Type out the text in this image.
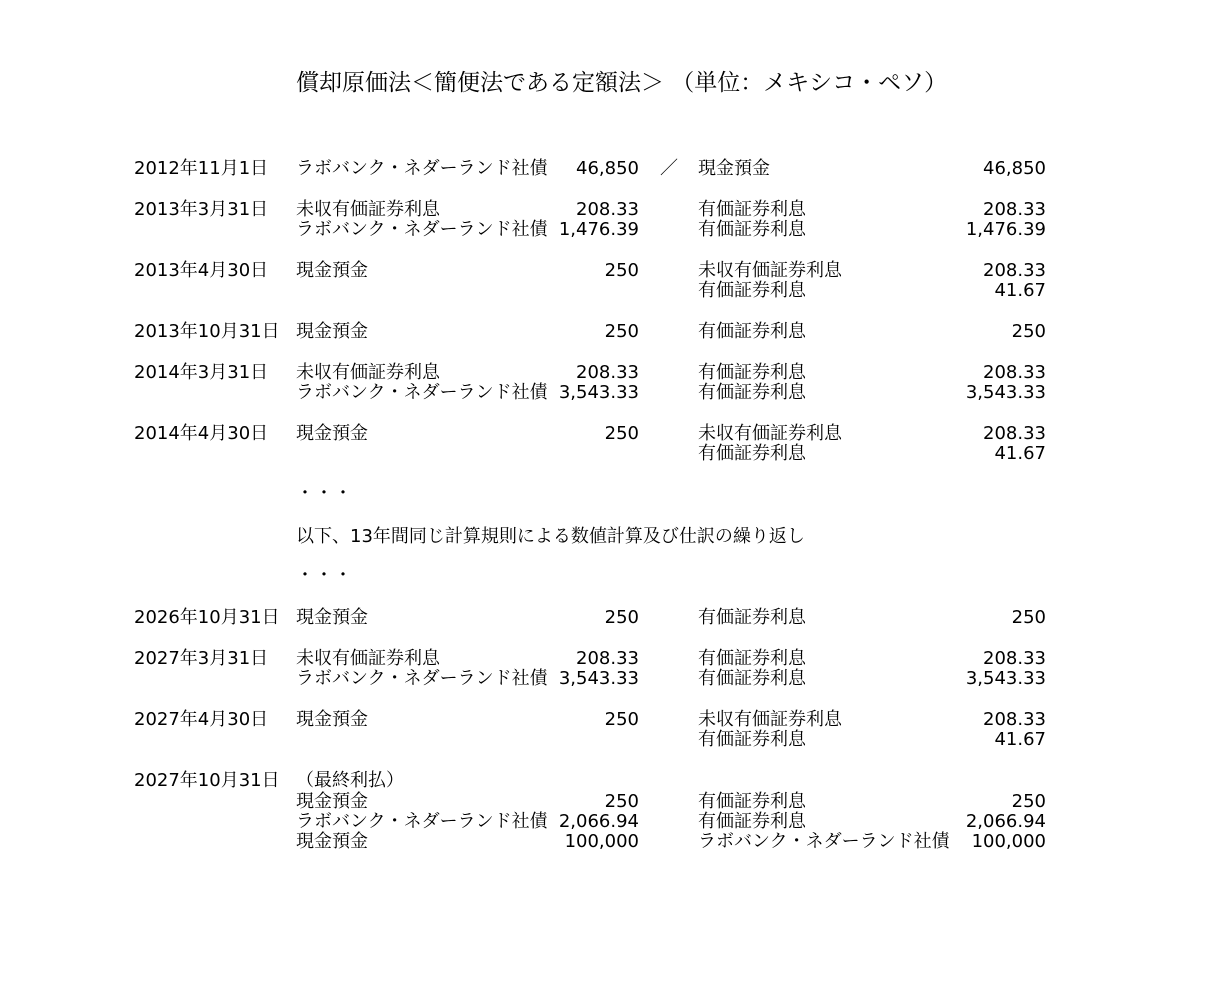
償却原価法＜簡便法である定額法＞ （単位：メキシコ・ペソ）
2012年11月1日 ラボバンク・ネダーランド社債 46,850 ／ 現金預金	46,850
2013年3月31日 未収有価証券利息	208.33	有価証券利息	208.33
ラボバンク・ネダーランド社債 1,476.39	有価証券利息	1,476.39
2013年4月30日 現金預金	250	未収有価証券利息	208.33
有価証券利息	41.67
2013年10月31日 現金預金	250	有価証券利息	250
2014年3月31日 未収有価証券利息	208.33	有価証券利息	208.33
ラボバンク・ネダーランド社債 3,543.33	有価証券利息	3,543.33
2014年4月30日 現金預金	250	未収有価証券利息	208.33
有価証券利息	41.67
・・・
以下、13年間同じ計算規則による数値計算及び仕訳の繰り返し
・・・
2026年10月31日 現金預金	250	有価証券利息	250
2027年3月31日 未収有価証券利息	208.33	有価証券利息	208.33
ラボバンク・ネダーランド社債 3,543.33	有価証券利息	3,543.33
2027年4月30日 現金預金	250	未収有価証券利息	208.33
有価証券利息	41.67
2027年10月31日 （最終利払）
現金預金	250	有価証券利息	250
ラボバンク・ネダーランド社債 2,066.94	有価証券利息	2,066.94
現金預金	100,000	ラボバンク・ネダーランド社債 100,000
